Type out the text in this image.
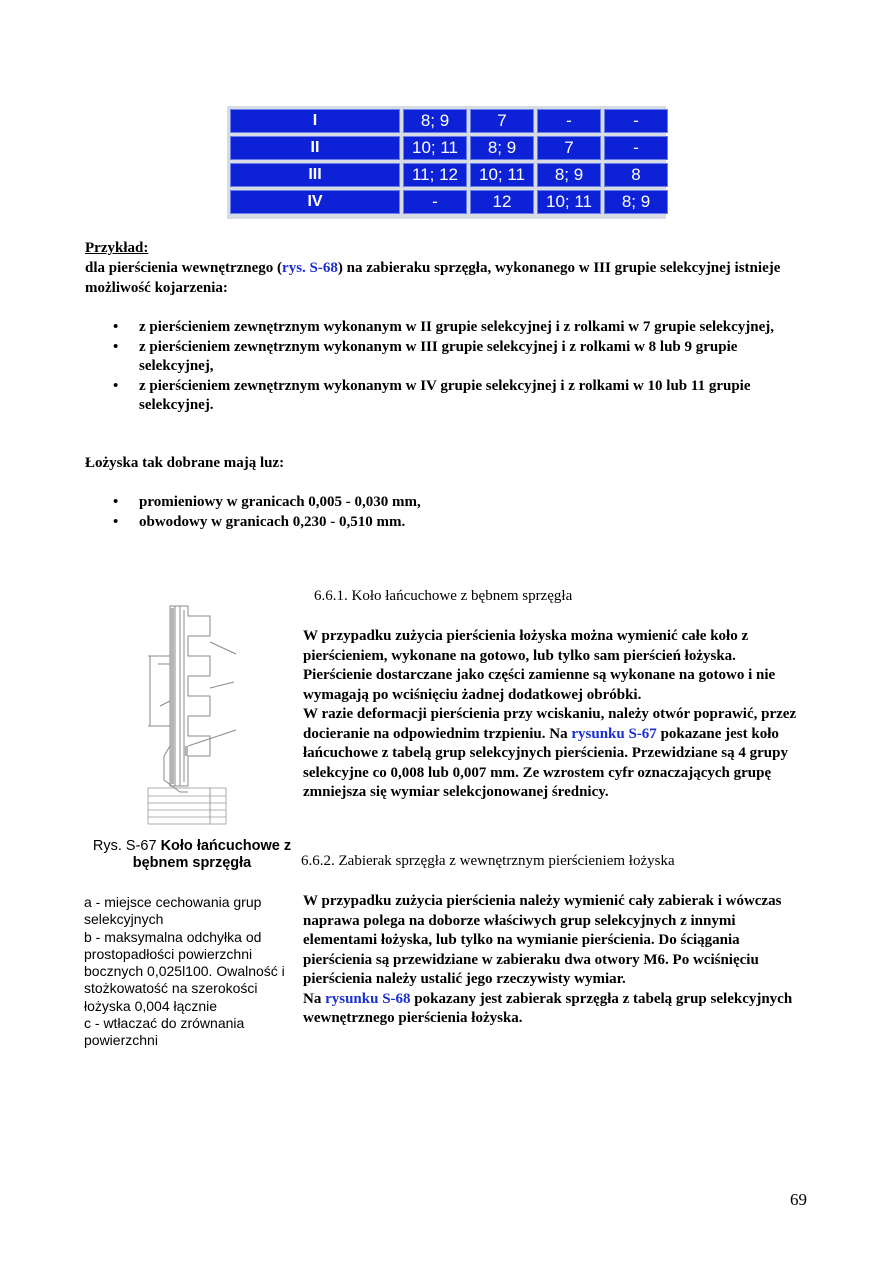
I	8; 9	7	-	-
II	10; 11	8; 9	7	-
III	11; 12	10; 11	8; 9	8
IV	-	12	10; 11	8; 9
Przykład:
dla pierścienia wewnętrznego (rys. S-68) na zabieraku sprzęgła, wykonanego w III grupie selekcyjnej istnieje możliwość kojarzenia:
• z pierścieniem zewnętrznym wykonanym w II grupie selekcyjnej i z rolkami w 7 grupie selekcyjnej,
• z pierścieniem zewnętrznym wykonanym w III grupie selekcyjnej i z rolkami w 8 lub 9 grupie selekcyjnej,
• z pierścieniem zewnętrznym wykonanym w IV grupie selekcyjnej i z rolkami w 10 lub 11 grupie selekcyjnej.
Łożyska tak dobrane mają luz:
• promieniowy w granicach 0,005 - 0,030 mm,
• obwodowy w granicach 0,230 - 0,510 mm.
6.6.1. Koło łańcuchowe z bębnem sprzęgła
W przypadku zużycia pierścienia łożyska można wymienić całe koło z pierścieniem, wykonane na gotowo, lub tylko sam pierścień łożyska. Pierścienie dostarczane jako części zamienne są wykonane na gotowo i nie wymagają po wciśnięciu żadnej dodatkowej obróbki.
W razie deformacji pierścienia przy wciskaniu, należy otwór poprawić, przez docieranie na odpowiednim trzpieniu. Na rysunku S-67 pokazane jest koło łańcuchowe z tabelą grup selekcyjnych pierścienia. Przewidziane są 4 grupy selekcyjne co 0,008 lub 0,007 mm. Ze wzrostem cyfr oznaczających grupę zmniejsza się wymiar selekcjonowanej średnicy.
Rys. S-67 Koło łańcuchowe z bębnem sprzęgła
a - miejsce cechowania grup selekcyjnych
b - maksymalna odchyłka od prostopadłości powierzchni bocznych 0,025l100. Owalność i stożkowatość na szerokości łożyska 0,004 łącznie
c - wtłaczać do zrównania powierzchni
6.6.2. Zabierak sprzęgła z wewnętrznym pierścieniem łożyska
W przypadku zużycia pierścienia należy wymienić cały zabierak i wówczas naprawa polega na doborze właściwych grup selekcyjnych z innymi elementami łożyska, lub tylko na wymianie pierścienia. Do ściągania pierścienia są przewidziane w zabieraku dwa otwory M6. Po wciśnięciu pierścienia należy ustalić jego rzeczywisty wymiar.
Na rysunku S-68 pokazany jest zabierak sprzęgła z tabelą grup selekcyjnych wewnętrznego pierścienia łożyska.
69
